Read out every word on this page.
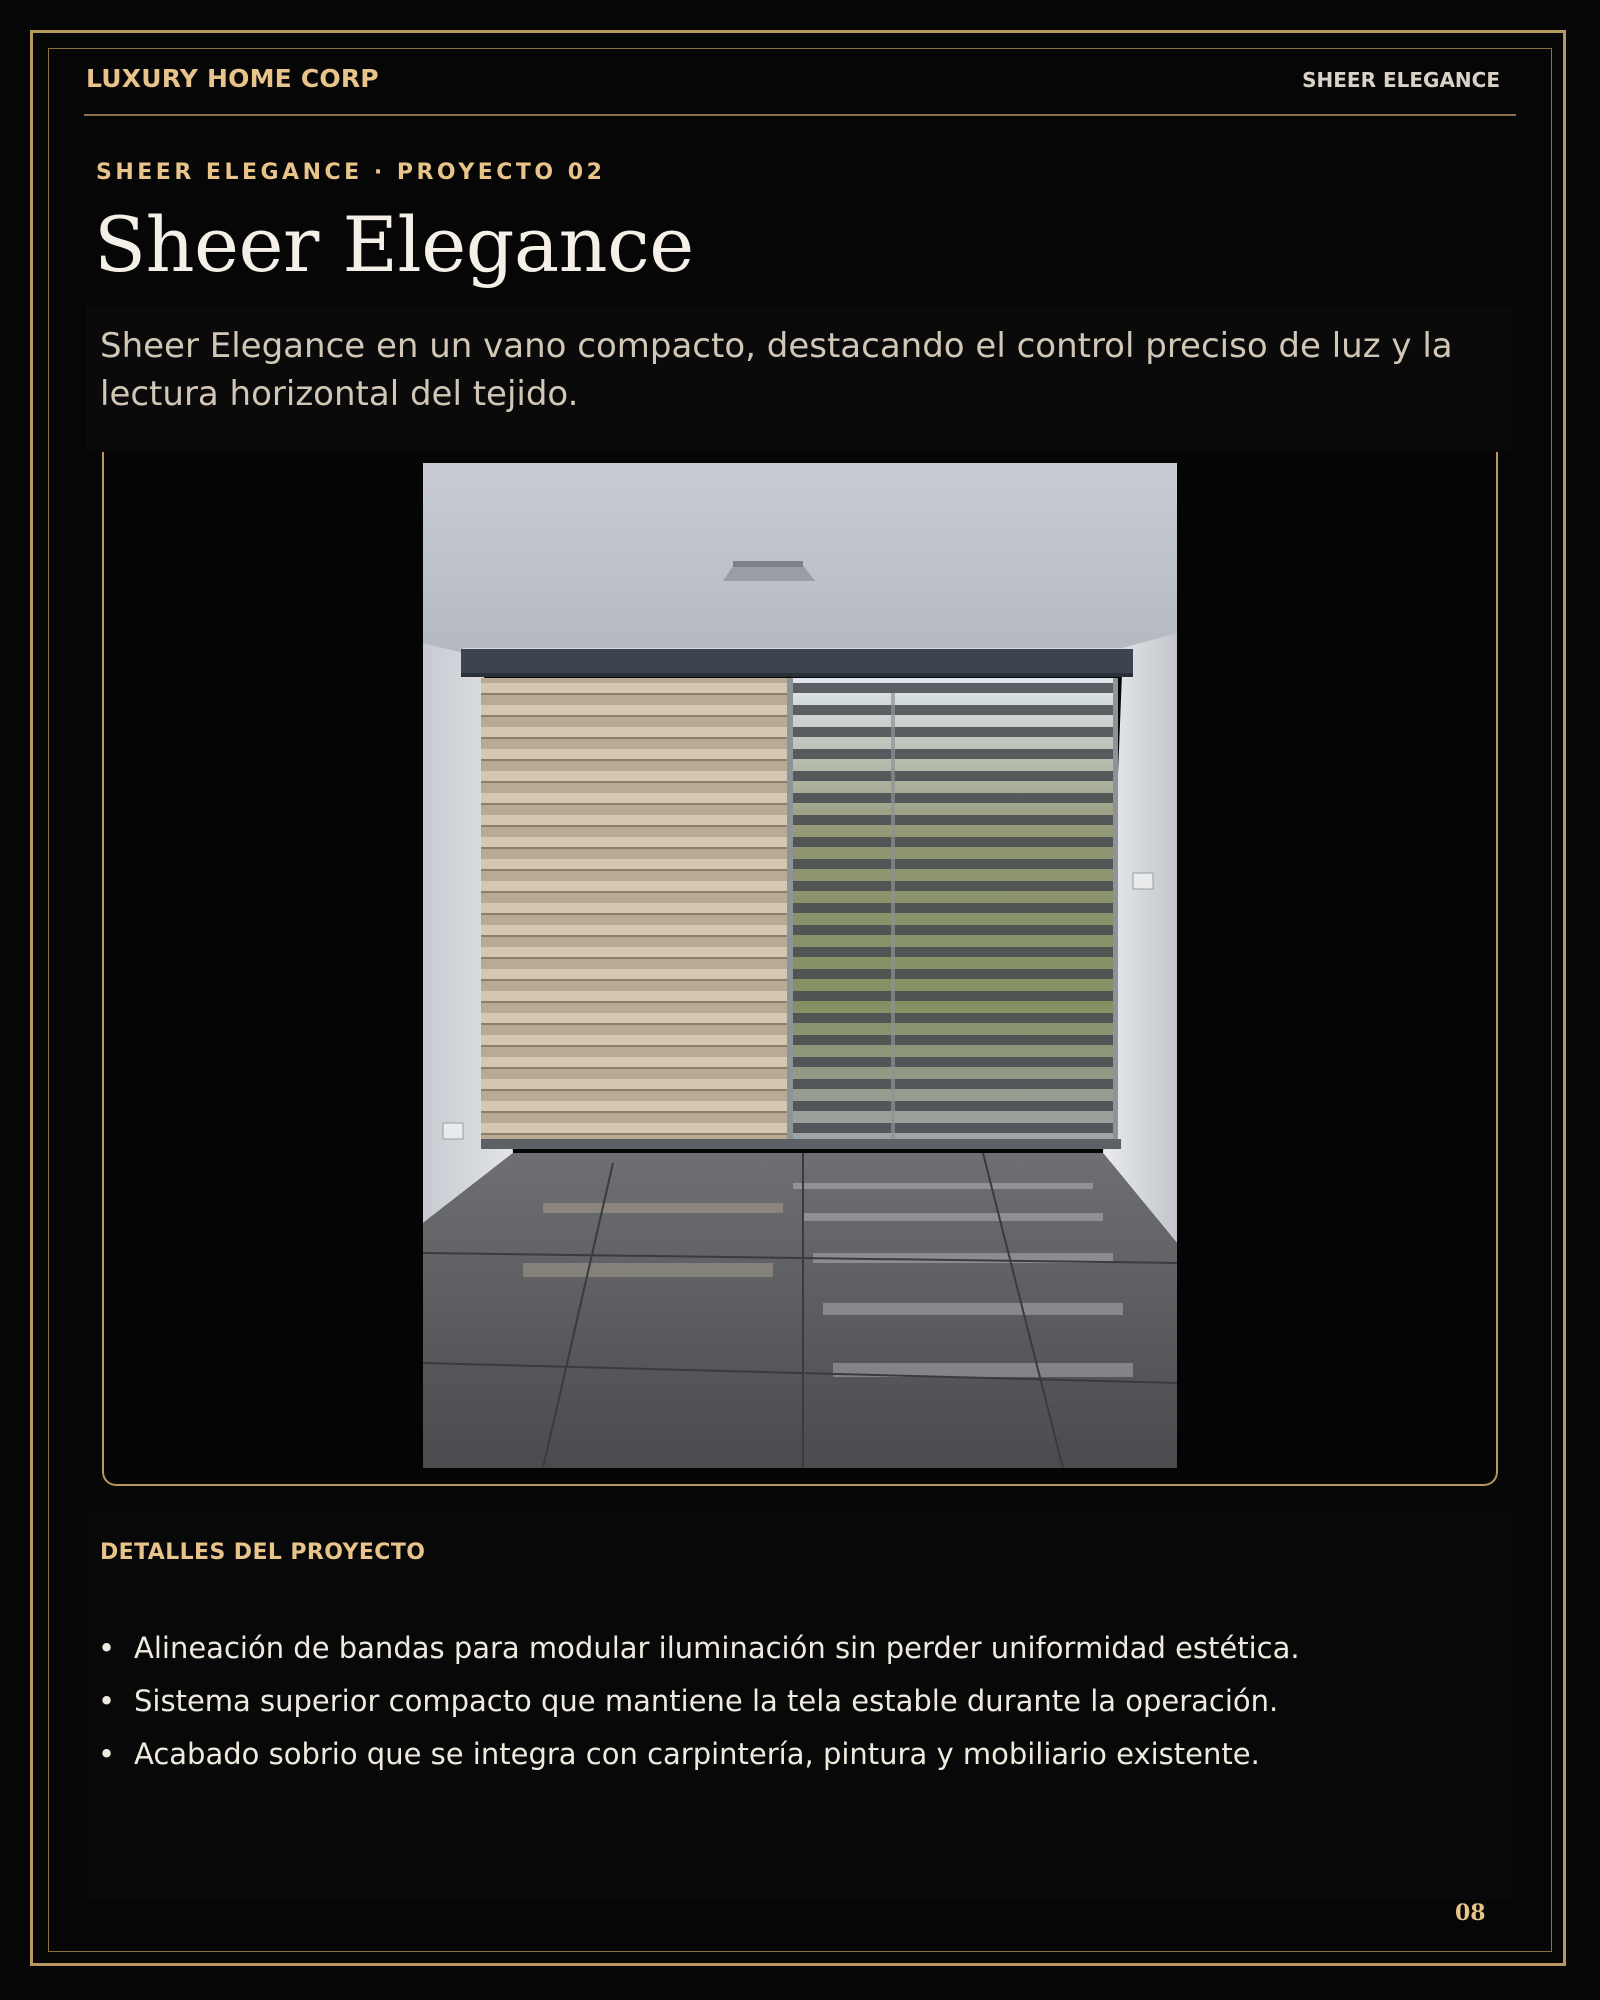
LUXURY HOME CORP	SHEER ELEGANCE
SHEER ELEGANCE · PROYECTO 02
Sheer Elegance

Sheer Elegance en un vano compacto, destacando el control preciso de luz y la lectura horizontal del tejido.

DETALLES DEL PROYECTO
• Alineación de bandas para modular iluminación sin perder uniformidad estética.
• Sistema superior compacto que mantiene la tela estable durante la operación.
• Acabado sobrio que se integra con carpintería, pintura y mobiliario existente.
08
